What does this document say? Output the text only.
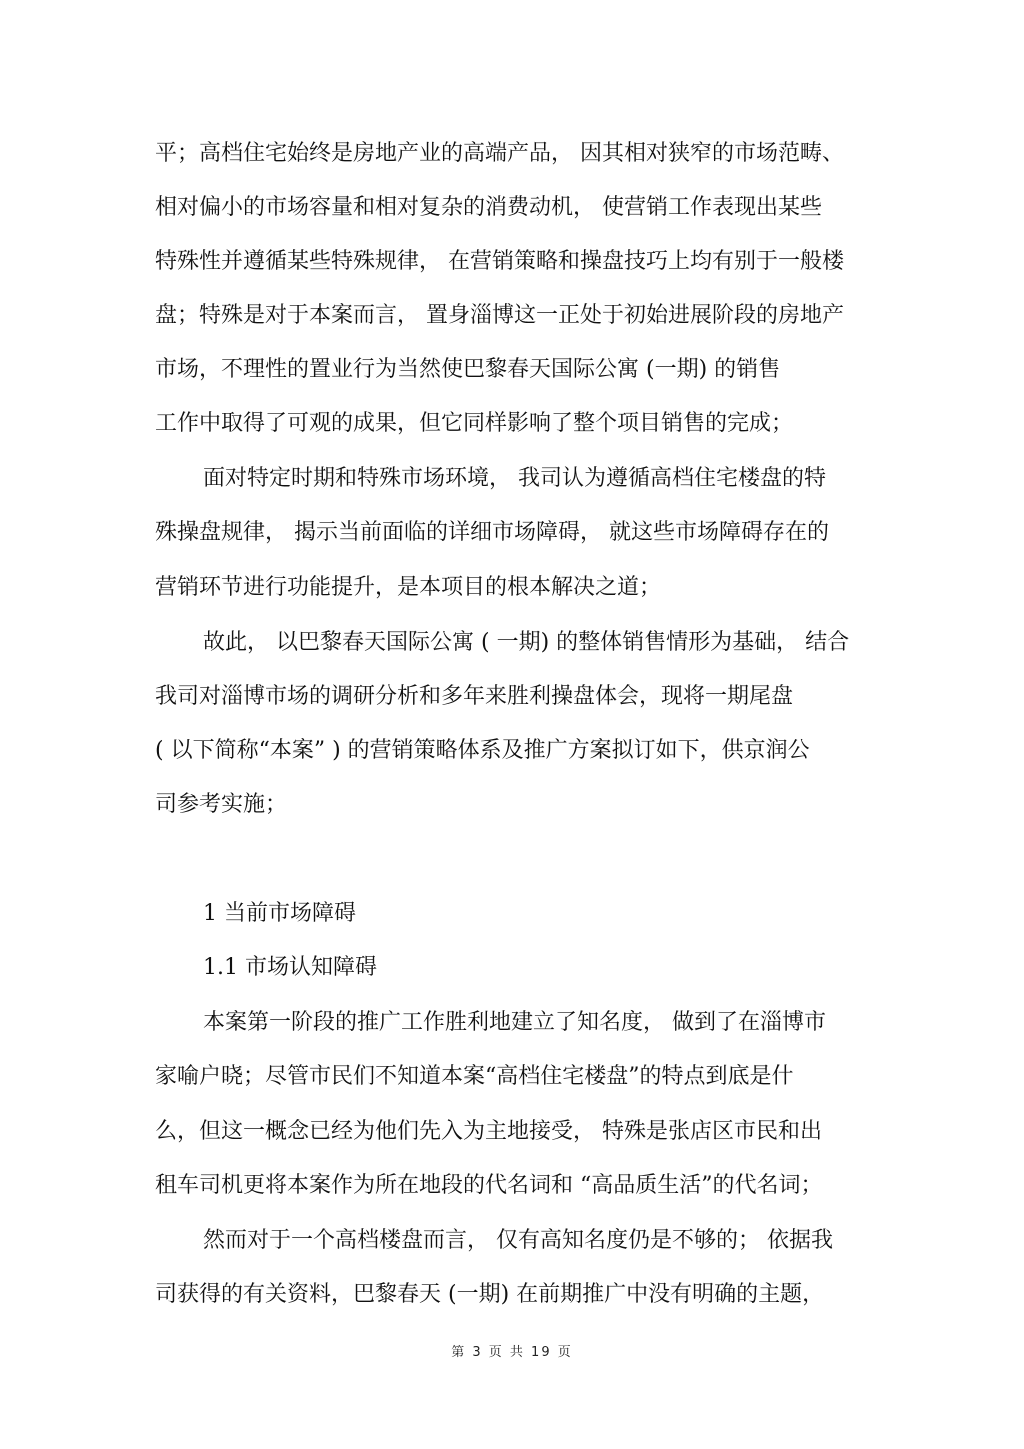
平；高档住宅始终是房地产业的高端产品， 因其相对狭窄的市场范畴、
相对偏小的市场容量和相对复杂的消费动机， 使营销工作表现出某些
特殊性并遵循某些特殊规律， 在营销策略和操盘技巧上均有别于一般楼
盘；特殊是对于本案而言， 置身淄博这一正处于初始进展阶段的房地产
市场，不理性的置业行为当然使巴黎春天国际公寓 (一期) 的销售
工作中取得了可观的成果，但它同样影响了整个项目销售的完成；
面对特定时期和特殊市场环境， 我司认为遵循高档住宅楼盘的特
殊操盘规律， 揭示当前面临的详细市场障碍， 就这些市场障碍存在的
营销环节进行功能提升，是本项目的根本解决之道；
故此， 以巴黎春天国际公寓 ( 一期) 的整体销售情形为基础， 结合
我司对淄博市场的调研分析和多年来胜利操盘体会，现将一期尾盘
( 以下简称“本案” ) 的营销策略体系及推广方案拟订如下，供京润公
司参考实施；
1 当前市场障碍
1.1 市场认知障碍
本案第一阶段的推广工作胜利地建立了知名度， 做到了在淄博市
家喻户晓；尽管市民们不知道本案“高档住宅楼盘”的特点到底是什
么，但这一概念已经为他们先入为主地接受， 特殊是张店区市民和出
租车司机更将本案作为所在地段的代名词和 “高品质生活”的代名词；
然而对于一个高档楼盘而言， 仅有高知名度仍是不够的； 依据我
司获得的有关资料，巴黎春天 (一期) 在前期推广中没有明确的主题，
第 3 页 共 19 页
